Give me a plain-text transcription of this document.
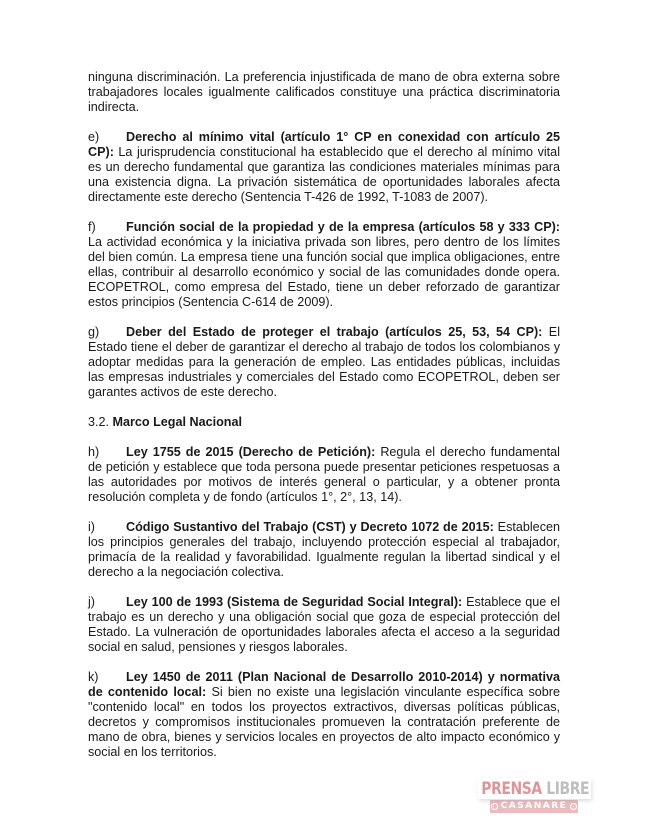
ninguna discriminación. La preferencia injustificada de mano de obra externa sobre trabajadores locales igualmente calificados constituye una práctica discriminatoria indirecta.

e) Derecho al mínimo vital (artículo 1° CP en conexidad con artículo 25 CP): La jurisprudencia constitucional ha establecido que el derecho al mínimo vital es un derecho fundamental que garantiza las condiciones materiales mínimas para una existencia digna. La privación sistemática de oportunidades laborales afecta directamente este derecho (Sentencia T-426 de 1992, T-1083 de 2007).

f) Función social de la propiedad y de la empresa (artículos 58 y 333 CP): La actividad económica y la iniciativa privada son libres, pero dentro de los límites del bien común. La empresa tiene una función social que implica obligaciones, entre ellas, contribuir al desarrollo económico y social de las comunidades donde opera. ECOPETROL, como empresa del Estado, tiene un deber reforzado de garantizar estos principios (Sentencia C-614 de 2009).

g) Deber del Estado de proteger el trabajo (artículos 25, 53, 54 CP): El Estado tiene el deber de garantizar el derecho al trabajo de todos los colombianos y adoptar medidas para la generación de empleo. Las entidades públicas, incluidas las empresas industriales y comerciales del Estado como ECOPETROL, deben ser garantes activos de este derecho.

3.2. Marco Legal Nacional

h) Ley 1755 de 2015 (Derecho de Petición): Regula el derecho fundamental de petición y establece que toda persona puede presentar peticiones respetuosas a las autoridades por motivos de interés general o particular, y a obtener pronta resolución completa y de fondo (artículos 1°, 2°, 13, 14).

i) Código Sustantivo del Trabajo (CST) y Decreto 1072 de 2015: Establecen los principios generales del trabajo, incluyendo protección especial al trabajador, primacía de la realidad y favorabilidad. Igualmente regulan la libertad sindical y el derecho a la negociación colectiva.

j) Ley 100 de 1993 (Sistema de Seguridad Social Integral): Establece que el trabajo es un derecho y una obligación social que goza de especial protección del Estado. La vulneración de oportunidades laborales afecta el acceso a la seguridad social en salud, pensiones y riesgos laborales.

k) Ley 1450 de 2011 (Plan Nacional de Desarrollo 2010-2014) y normativa de contenido local: Si bien no existe una legislación vinculante específica sobre "contenido local" en todos los proyectos extractivos, diversas políticas públicas, decretos y compromisos institucionales promueven la contratación preferente de mano de obra, bienes y servicios locales en proyectos de alto impacto económico y social en los territorios.

PRENSA LIBRE
CASANARE
